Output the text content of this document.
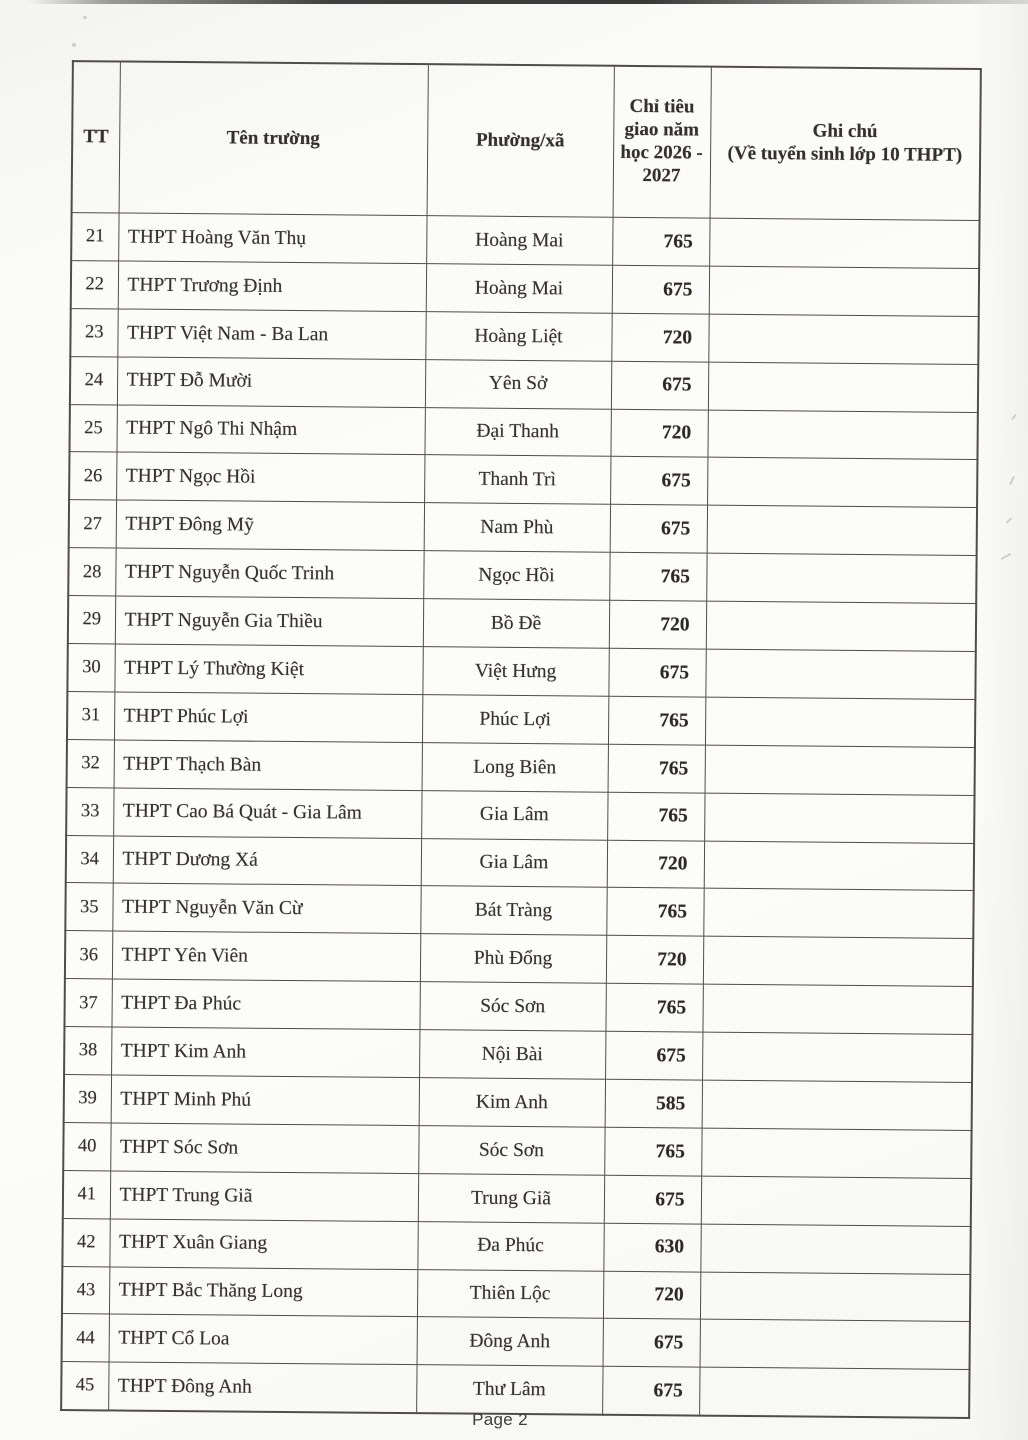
TT	Tên trường	Phường/xã	Chỉ tiêu
giao năm
học 2026 -
2027	Ghi chú
(Về tuyển sinh lớp 10 THPT)
21	THPT Hoàng Văn Thụ	Hoàng Mai	765	
22	THPT Trương Định	Hoàng Mai	675	
23	THPT Việt Nam - Ba Lan	Hoàng Liệt	720	
24	THPT Đỗ Mười	Yên Sở	675	
25	THPT Ngô Thi Nhậm	Đại Thanh	720	
26	THPT Ngọc Hồi	Thanh Trì	675	
27	THPT Đông Mỹ	Nam Phù	675	
28	THPT Nguyễn Quốc Trinh	Ngọc Hồi	765	
29	THPT Nguyễn Gia Thiều	Bồ Đề	720	
30	THPT Lý Thường Kiệt	Việt Hưng	675	
31	THPT Phúc Lợi	Phúc Lợi	765	
32	THPT Thạch Bàn	Long Biên	765	
33	THPT Cao Bá Quát - Gia Lâm	Gia Lâm	765	
34	THPT Dương Xá	Gia Lâm	720	
35	THPT Nguyễn Văn Cừ	Bát Tràng	765	
36	THPT Yên Viên	Phù Đổng	720	
37	THPT Đa Phúc	Sóc Sơn	765	
38	THPT Kim Anh	Nội Bài	675	
39	THPT Minh Phú	Kim Anh	585	
40	THPT Sóc Sơn	Sóc Sơn	765	
41	THPT Trung Giã	Trung Giã	675	
42	THPT Xuân Giang	Đa Phúc	630	
43	THPT Bắc Thăng Long	Thiên Lộc	720	
44	THPT Cổ Loa	Đông Anh	675	
45	THPT Đông Anh	Thư Lâm	675	
Page 2
